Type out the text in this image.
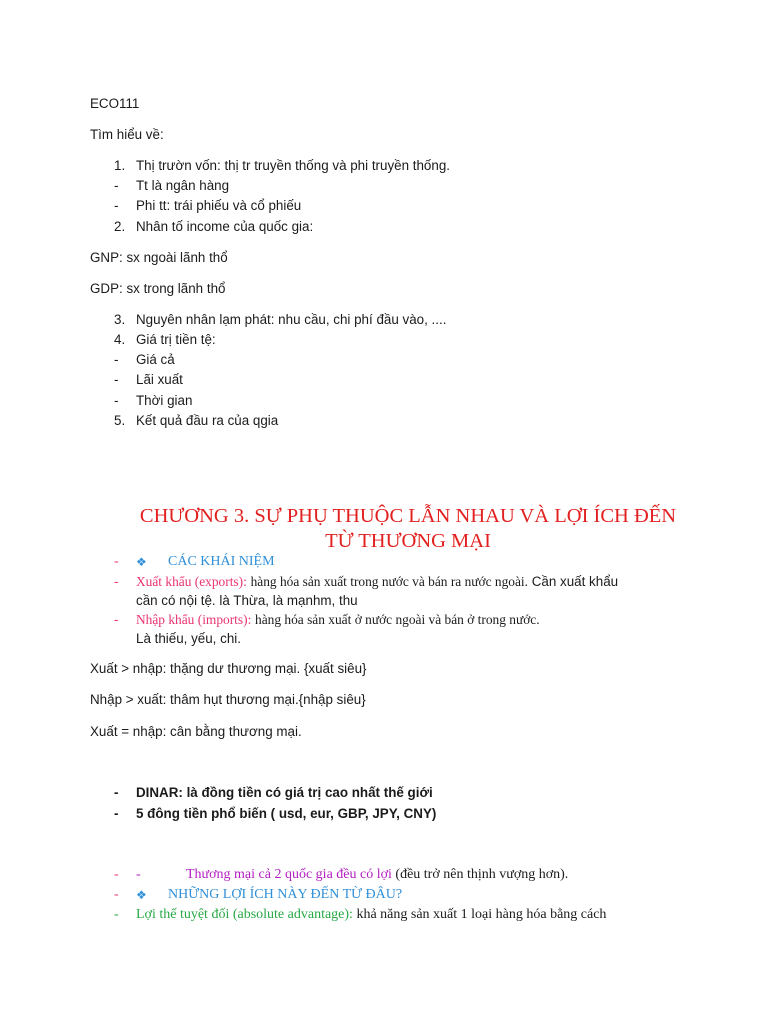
ECO111
Tìm hiểu về:
1. Thị trườn vốn: thị tr truyền thống và phi truyền thống.
-	Tt là ngân hàng
-	Phi tt: trái phiếu và cổ phiếu
2. Nhân tố income của quốc gia:
GNP: sx ngoài lãnh thổ
GDP: sx trong lãnh thổ
3. Nguyên nhân lạm phát: nhu cầu, chi phí đầu vào, ....
4. Giá trị tiền tệ:
-	Giá cả
-	Lãi xuất
-	Thời gian
5. Kết quả đầu ra của qgia
CHƯƠNG 3. SỰ PHỤ THUỘC LẪN NHAU VÀ LỢI ÍCH ĐẾN
TỪ THƯƠNG MẠI
- ❖ CÁC KHÁI NIỆM
- Xuất khẩu (exports): hàng hóa sản xuất trong nước và bán ra nước ngoài. Cần xuất khẩu
cần có nội tệ. là Thừa, là mạnhm, thu
- Nhập khẩu (imports): hàng hóa sản xuất ở nước ngoài và bán ở trong nước.
Là thiếu, yếu, chi.
Xuất > nhập: thặng dư thương mại. {xuất siêu}
Nhập > xuất: thâm hụt thương mại.{nhập siêu}
Xuất = nhập: cân bằng thương mại.
- DINAR: là đồng tiền có giá trị cao nhất thế giới
- 5 đông tiền phổ biến ( usd, eur, GBP, JPY, CNY)
- -	Thương mại cả 2 quốc gia đều có lợi (đều trở nên thịnh vượng hơn).
- ❖ NHỮNG LỢI ÍCH NÀY ĐẾN TỪ ĐÂU?
- Lợi thế tuyệt đối (absolute advantage): khả năng sản xuất 1 loại hàng hóa bằng cách
